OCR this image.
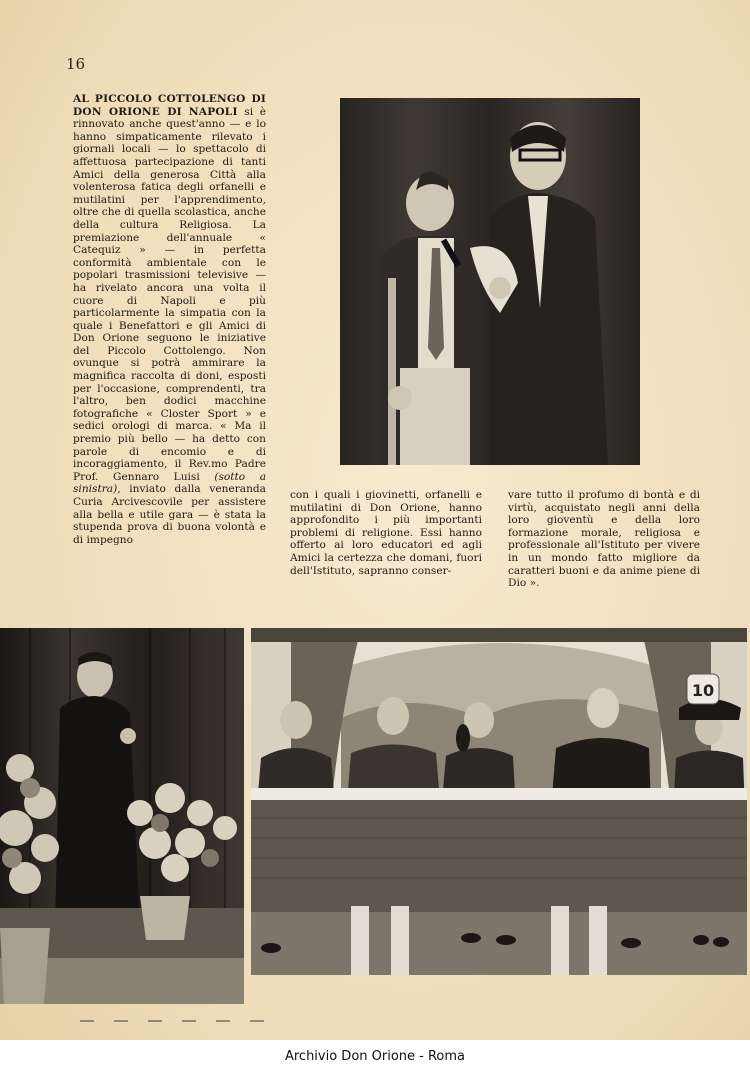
16

AL PICCOLO COTTOLENGO DI DON ORIONE DI NAPOLI si è rinnovato anche quest'anno — e lo hanno simpaticamente rilevato i giornali locali — lo spettacolo di affettuosa partecipazione di tanti Amici della generosa Città alla volenterosa fatica degli orfanelli e mutilatini per l'apprendimento, oltre che di quella scolastica, anche della cultura Religiosa. La premiazione dell'annuale « Catequiz » — in perfetta conformità ambientale con le popolari trasmissioni televisive — ha rivelato ancora una volta il cuore di Napoli e più particolarmente la simpatia con la quale i Benefattori e gli Amici di Don Orione seguono le iniziative del Piccolo Cottolengo. Non ovunque si potrà ammirare la magnifica raccolta di doni, esposti per l'occasione, comprendenti, tra l'altro, ben dodici macchine fotografiche « Closter Sport » e sedici orologi di marca. « Ma il premio più bello — ha detto con parole di encomio e di incoraggiamento, il Rev.mo Padre Prof. Gennaro Luisi (sotto a sinistra), inviato dalla veneranda Curia Arcivescovile per assistere alla bella e utile gara — è stata la stupenda prova di buona volontà e di impegno

con i quali i giovinetti, orfanelli e mutilatini di Don Orione, hanno approfondito i più importanti problemi di religione. Essi hanno offerto ai loro educatori ed agli Amici la certezza che domani, fuori dell'Istituto, sapranno conser-

vare tutto il profumo di bontà e di virtù, acquistato negli anni della loro gioventù e della loro formazione morale, religiosa e professionale all'Istituto per vivere in un mondo fatto migliore da caratteri buoni e da anime piene di Dio ».

10
Archivio Don Orione - Roma
